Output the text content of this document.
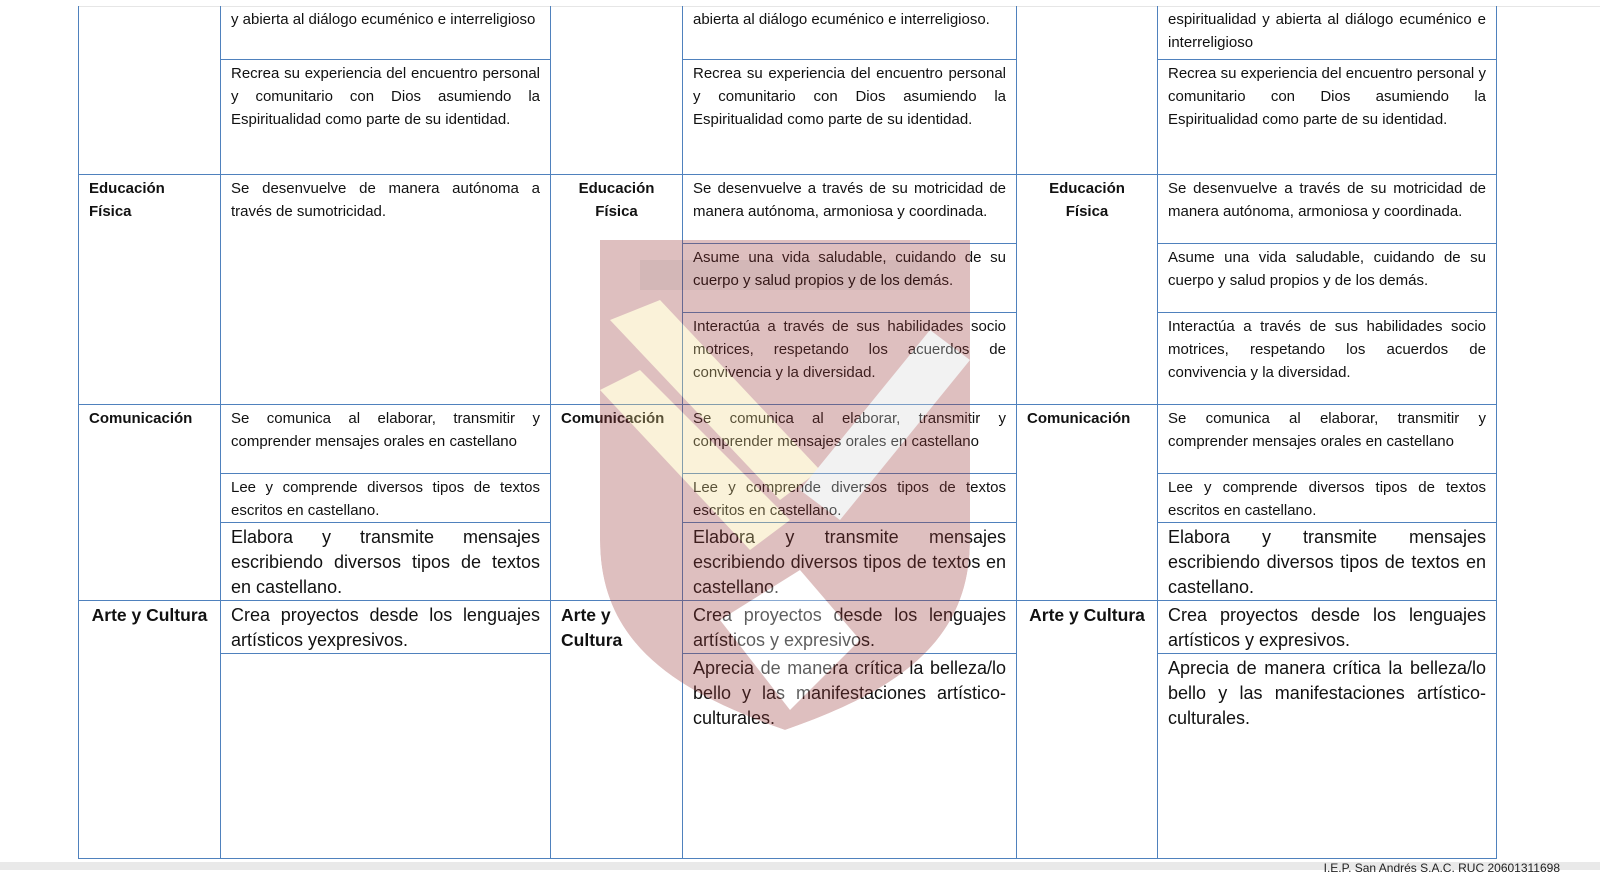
	y abierta al diálogo ecuménico e interreligioso		abierta al diálogo ecuménico e interreligioso.		espiritualidad y abierta al diálogo ecuménico e interreligioso
	Recrea su experiencia del encuentro personal y comunitario con Dios asumiendo la Espiritualidad como parte de su identidad.		Recrea su experiencia del encuentro personal y comunitario con Dios asumiendo la Espiritualidad como parte de su identidad.		Recrea su experiencia del encuentro personal y comunitario con Dios asumiendo la Espiritualidad como parte de su identidad.
Educación Física	Se desenvuelve de manera autónoma a través de sumotricidad.	Educación Física	Se desenvuelve a través de su motricidad de manera autónoma, armoniosa y coordinada.	Educación Física	Se desenvuelve a través de su motricidad de manera autónoma, armoniosa y coordinada.
			Asume una vida saludable, cuidando de su cuerpo y salud propios y de los demás.		Asume una vida saludable, cuidando de su cuerpo y salud propios y de los demás.
			Interactúa a través de sus habilidades socio motrices, respetando los acuerdos de convivencia y la diversidad.		Interactúa a través de sus habilidades socio motrices, respetando los acuerdos de convivencia y la diversidad.
Comunicación	Se comunica al elaborar, transmitir y comprender mensajes orales en castellano	Comunicación	Se comunica al elaborar, transmitir y comprender mensajes orales en castellano	Comunicación	Se comunica al elaborar, transmitir y comprender mensajes orales en castellano
	Lee y comprende diversos tipos de textos escritos en castellano.		Lee y comprende diversos tipos de textos escritos en castellano.		Lee y comprende diversos tipos de textos escritos en castellano.
	Elabora y transmite mensajes escribiendo diversos tipos de textos en castellano.		Elabora y transmite mensajes escribiendo diversos tipos de textos en castellano.		Elabora y transmite mensajes escribiendo diversos tipos de textos en castellano.
Arte y Cultura	Crea proyectos desde los lenguajes artísticos yexpresivos.	Arte y Cultura	Crea proyectos desde los lenguajes artísticos y expresivos.	Arte y Cultura	Crea proyectos desde los lenguajes artísticos y expresivos.
			Aprecia de manera crítica la belleza/lo bello y las manifestaciones artístico-culturales.		Aprecia de manera crítica la belleza/lo bello y las manifestaciones artístico-culturales.
I.E.P. San Andrés S.A.C. RUC 20601311698
